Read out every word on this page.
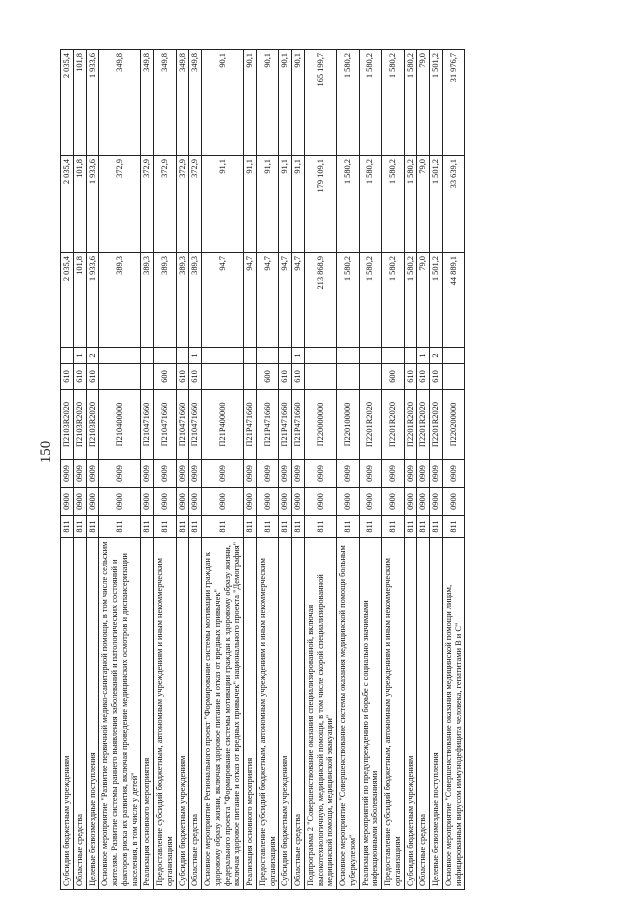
150
Субсидии бюджетным учреждениям	811	0900	0909	П2103R2020	610		2 035,4	2 035,4	2 035,4
Областные средства	811	0900	0909	П2103R2020	610	1	101,8	101,8	101,8
Целевые безвозмездные поступления	811	0900	0909	П2103R2020	610	2	1 933,6	1 933,6	1 933,6
Основное мероприятие "Развитие первичной медико-санитарной помощи, в том числе сельским жителям. Развитие системы раннего выявления заболеваний и патологических состояний и факторов риска их развития, включая проведение медицинских осмотров и диспансеризации населения, в том числе у детей"	811	0900	0909	П210400000			389,3	372,9	349,8
Реализация основного мероприятия	811	0900	0909	П210471660			389,3	372,9	349,8
Предоставление субсидий бюджетным, автономным учреждениям и иным некоммерческим организациям	811	0900	0909	П210471660	600		389,3	372,9	349,8
Субсидии бюджетным учреждениям	811	0900	0909	П210471660	610		389,3	372,9	349,8
Областные средства	811	0900	0909	П210471660	610	1	389,3	372,9	349,8
Основное мероприятие Регионального проект "Формирование системы мотивации граждан к здоровому образу жизни, включая здоровое питание и отказ от вредных привычек" федерального проекта "Формирование системы мотивации граждан к здоровому образу жизни, включая здоровое питание и отказ от вредных привычек" национального проекта "Демография"	811	0900	0909	П21Р400000			94,7	91,1	90,1
Реализация основного мероприятия	811	0900	0909	П21Р471660			94,7	91,1	90,1
Предоставление субсидий бюджетным, автономным учреждениям и иным некоммерческим организациям	811	0900	0909	П21Р471660	600		94,7	91,1	90,1
Субсидии бюджетным учреждениям	811	0900	0909	П21Р471660	610		94,7	91,1	90,1
Областные средства	811	0900	0909	П21Р471660	610	1	94,7	91,1	90,1
Подпрограмма 2 "Совершенствование оказания специализированной, включая высокотехнологичную, медицинской помощи, в том числе скорой специализированной медицинской помощи, медицинской эвакуации"	811	0900	0909	П220000000			213 868,9	179 109,1	165 199,7
Основное мероприятие "Совершенствование системы оказания медицинской помощи больным туберкулезом"	811	0900	0909	П220100000			1 580,2	1 580,2	1 580,2
Реализация мероприятий по предупреждению и борьбе с социально значимыми инфекционными заболеваниями	811	0900	0909	П2201R2020			1 580,2	1 580,2	1 580,2
Предоставление субсидий бюджетным, автономным учреждениям и иным некоммерческим организациям	811	0900	0909	П2201R2020	600		1 580,2	1 580,2	1 580,2
Субсидии бюджетным учреждениям	811	0900	0909	П2201R2020	610		1 580,2	1 580,2	1 580,2
Областные средства	811	0900	0909	П2201R2020	610	1	79,0	79,0	79,0
Целевые безвозмездные поступления	811	0900	0909	П2201R2020	610	2	1 501,2	1 501,2	1 501,2
Основное мероприятие "Совершенствование оказания медицинской помощи лицам, инфицированным вирусом иммунодефицита человека, гепатитами В и С"	811	0900	0909	П220200000			44 889,1	33 639,1	31 976,7
